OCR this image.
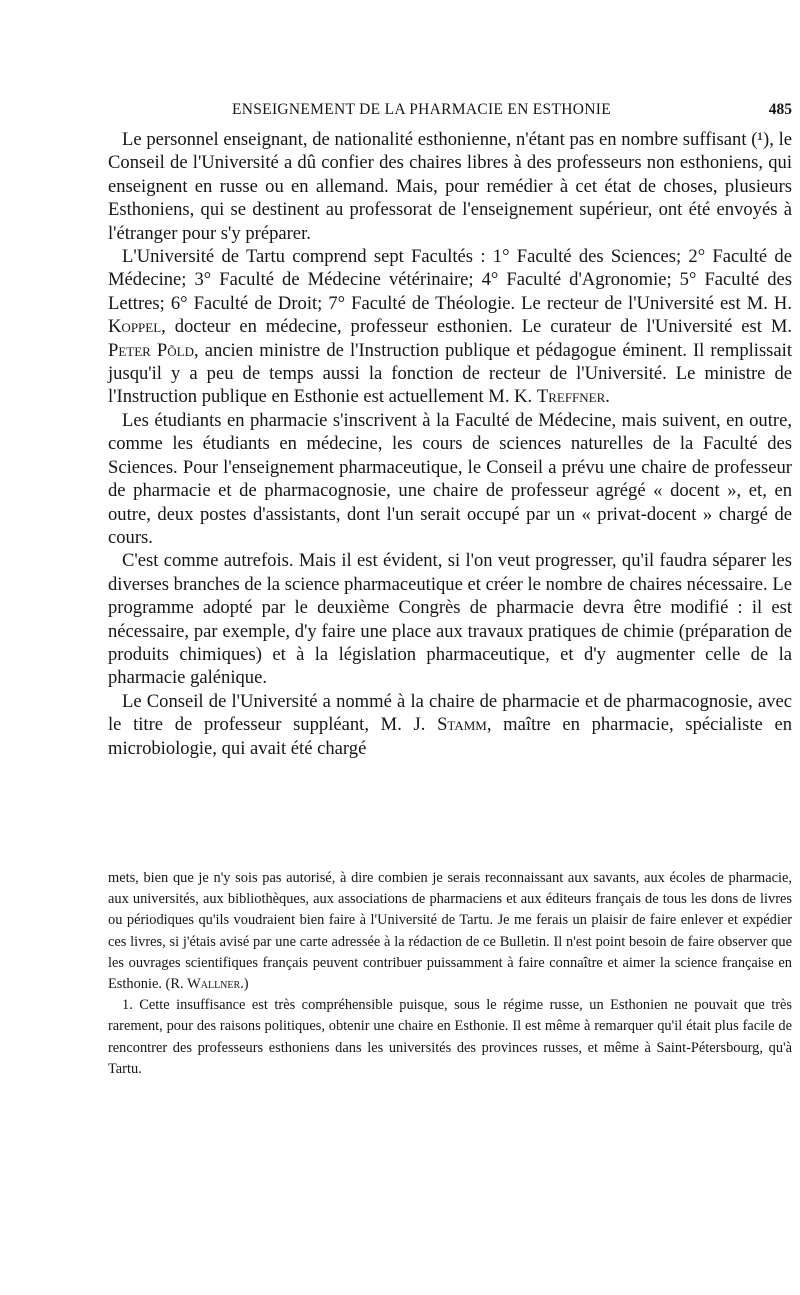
ENSEIGNEMENT DE LA PHARMACIE EN ESTHONIE	485

Le personnel enseignant, de nationalité esthonienne, n'étant pas en nombre suffisant (¹), le Conseil de l'Université a dû confier des chaires libres à des professeurs non esthoniens, qui enseignent en russe ou en allemand. Mais, pour remédier à cet état de choses, plusieurs Esthoniens, qui se destinent au professorat de l'enseignement supérieur, ont été envoyés à l'étranger pour s'y préparer.

L'Université de Tartu comprend sept Facultés : 1° Faculté des Sciences; 2° Faculté de Médecine; 3° Faculté de Médecine vétérinaire; 4° Faculté d'Agronomie; 5° Faculté des Lettres; 6° Faculté de Droit; 7° Faculté de Théologie. Le recteur de l'Université est M. H. Koppel, docteur en médecine, professeur esthonien. Le curateur de l'Université est M. Peter Põld, ancien ministre de l'Instruction publique et pédagogue éminent. Il remplissait jusqu'il y a peu de temps aussi la fonction de recteur de l'Université. Le ministre de l'Instruction publique en Esthonie est actuellement M. K. Treffner.

Les étudiants en pharmacie s'inscrivent à la Faculté de Médecine, mais suivent, en outre, comme les étudiants en médecine, les cours de sciences naturelles de la Faculté des Sciences. Pour l'enseignement pharmaceutique, le Conseil a prévu une chaire de professeur de pharmacie et de pharmacognosie, une chaire de professeur agrégé « docent », et, en outre, deux postes d'assistants, dont l'un serait occupé par un « privat-docent » chargé de cours.

C'est comme autrefois. Mais il est évident, si l'on veut progresser, qu'il faudra séparer les diverses branches de la science pharmaceutique et créer le nombre de chaires nécessaire. Le programme adopté par le deuxième Congrès de pharmacie devra être modifié : il est nécessaire, par exemple, d'y faire une place aux travaux pratiques de chimie (préparation de produits chimiques) et à la législation pharmaceutique, et d'y augmenter celle de la pharmacie galénique.

Le Conseil de l'Université a nommé à la chaire de pharmacie et de pharmacognosie, avec le titre de professeur suppléant, M. J. Stamm, maître en pharmacie, spécialiste en microbiologie, qui avait été chargé

mets, bien que je n'y sois pas autorisé, à dire combien je serais reconnaissant aux savants, aux écoles de pharmacie, aux universités, aux bibliothèques, aux associations de pharmaciens et aux éditeurs français de tous les dons de livres ou périodiques qu'ils voudraient bien faire à l'Université de Tartu. Je me ferais un plaisir de faire enlever et expédier ces livres, si j'étais avisé par une carte adressée à la rédaction de ce Bulletin. Il n'est point besoin de faire observer que les ouvrages scientifiques français peuvent contribuer puissamment à faire connaître et aimer la science française en Esthonie. (R. Wallner.)

1. Cette insuffisance est très compréhensible puisque, sous le régime russe, un Esthonien ne pouvait que très rarement, pour des raisons politiques, obtenir une chaire en Esthonie. Il est même à remarquer qu'il était plus facile de rencontrer des professeurs esthoniens dans les universités des provinces russes, et même à Saint-Pétersbourg, qu'à Tartu.
